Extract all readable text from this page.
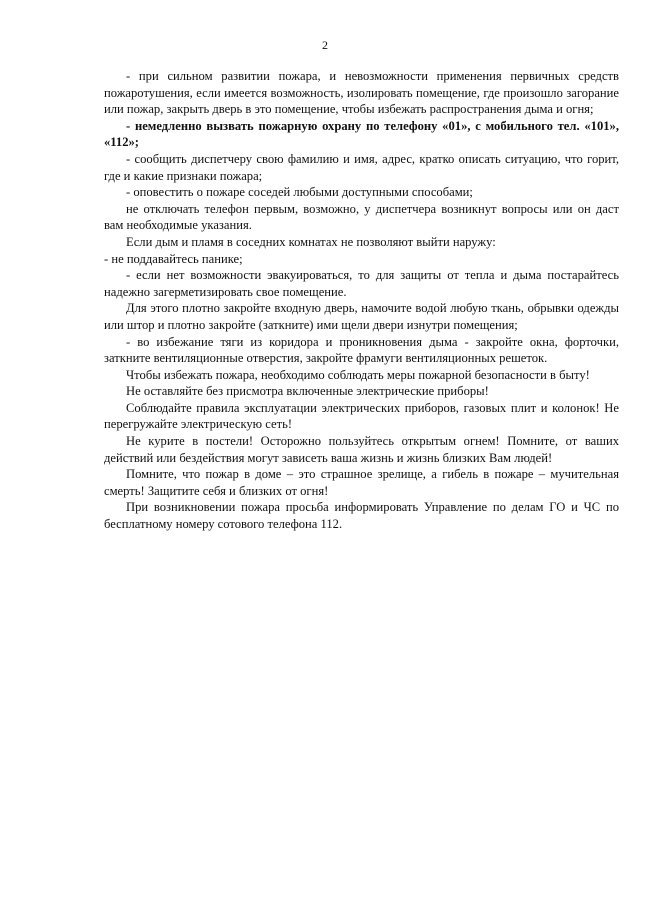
2

- при сильном развитии пожара, и невозможности применения первичных средств пожаротушения, если имеется возможность, изолировать помещение, где произошло загорание или пожар, закрыть дверь в это помещение, чтобы избежать распространения дыма и огня;

- немедленно вызвать пожарную охрану по телефону «01», с мобильного тел. «101», «112»;

- сообщить диспетчеру свою фамилию и имя, адрес, кратко описать ситуацию, что горит, где и какие признаки пожара;

- оповестить о пожаре соседей любыми доступными способами;

не отключать телефон первым, возможно, у диспетчера возникнут вопросы или он даст вам необходимые указания.

Если дым и пламя в соседних комнатах не позволяют выйти наружу:

- не поддавайтесь панике;

- если нет возможности эвакуироваться, то для защиты от тепла и дыма постарайтесь надежно загерметизировать свое помещение.

Для этого плотно закройте входную дверь, намочите водой любую ткань, обрывки одежды или штор и плотно закройте (заткните) ими щели двери изнутри помещения;

- во избежание тяги из коридора и проникновения дыма - закройте окна, форточки, заткните вентиляционные отверстия, закройте фрамуги вентиляционных решеток.

Чтобы избежать пожара, необходимо соблюдать меры пожарной безопасности в быту!

Не оставляйте без присмотра включенные электрические приборы!

Соблюдайте правила эксплуатации электрических приборов, газовых плит и колонок! Не перегружайте электрическую сеть!

Не курите в постели! Осторожно пользуйтесь открытым огнем! Помните, от ваших действий или бездействия могут зависеть ваша жизнь и жизнь близких Вам людей!

Помните, что пожар в доме – это страшное зрелище, а гибель в пожаре – мучительная смерть! Защитите себя и близких от огня!

При возникновении пожара просьба информировать Управление по делам ГО и ЧС по бесплатному номеру сотового телефона 112.
